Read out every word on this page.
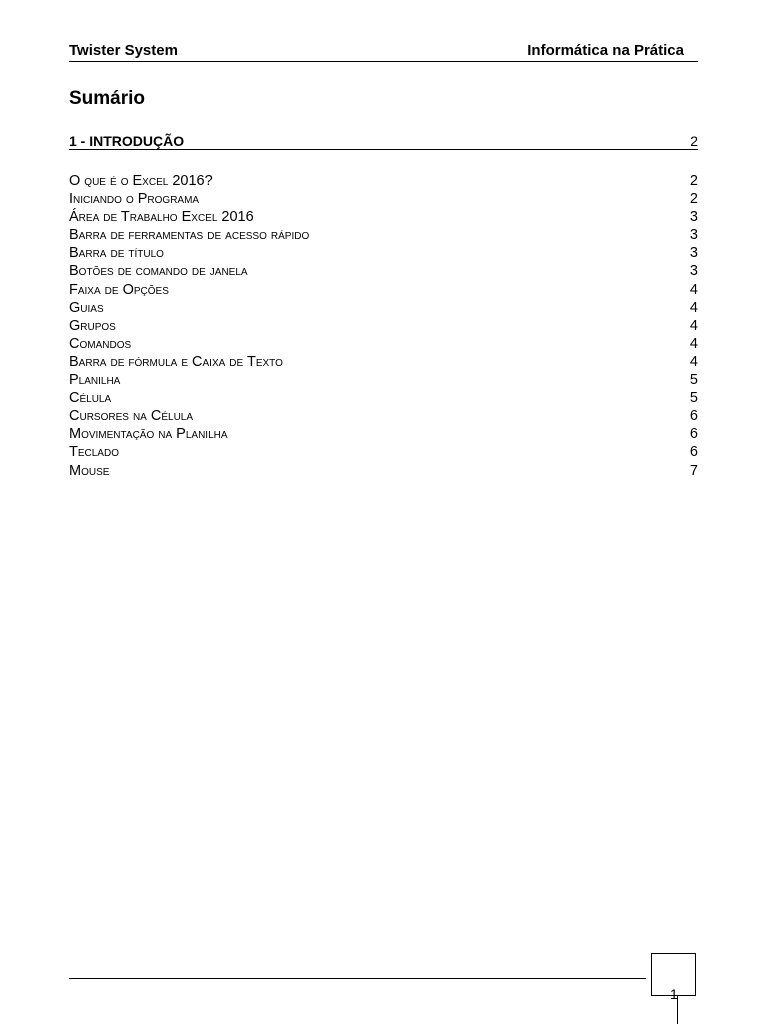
Twister System	Informática na Prática
Sumário
1 - INTRODUÇÃO	2
O que é o Excel 2016?	2
Iniciando o Programa	2
Área de Trabalho Excel 2016	3
Barra de ferramentas de acesso rápido	3
Barra de título	3
Botões de comando de janela	3
Faixa de Opções	4
Guias	4
Grupos	4
Comandos	4
Barra de fórmula e Caixa de Texto	4
Planilha	5
Célula	5
Cursores na Célula	6
Movimentação na Planilha	6
Teclado	6
Mouse	7
1
